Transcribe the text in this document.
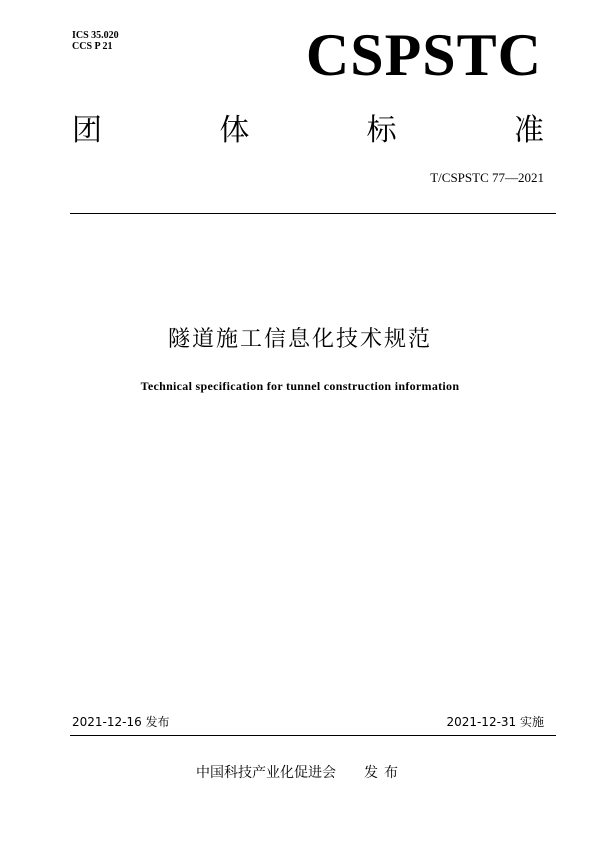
ICS 35.020
CCS P 21	CSPSTC
团	体	标	准
T/CSPSTC 77—2021
隧道施工信息化技术规范
Technical specification for tunnel construction information
2021-12-16 发布	2021-12-31 实施
中国科技产业化促进会 发布
